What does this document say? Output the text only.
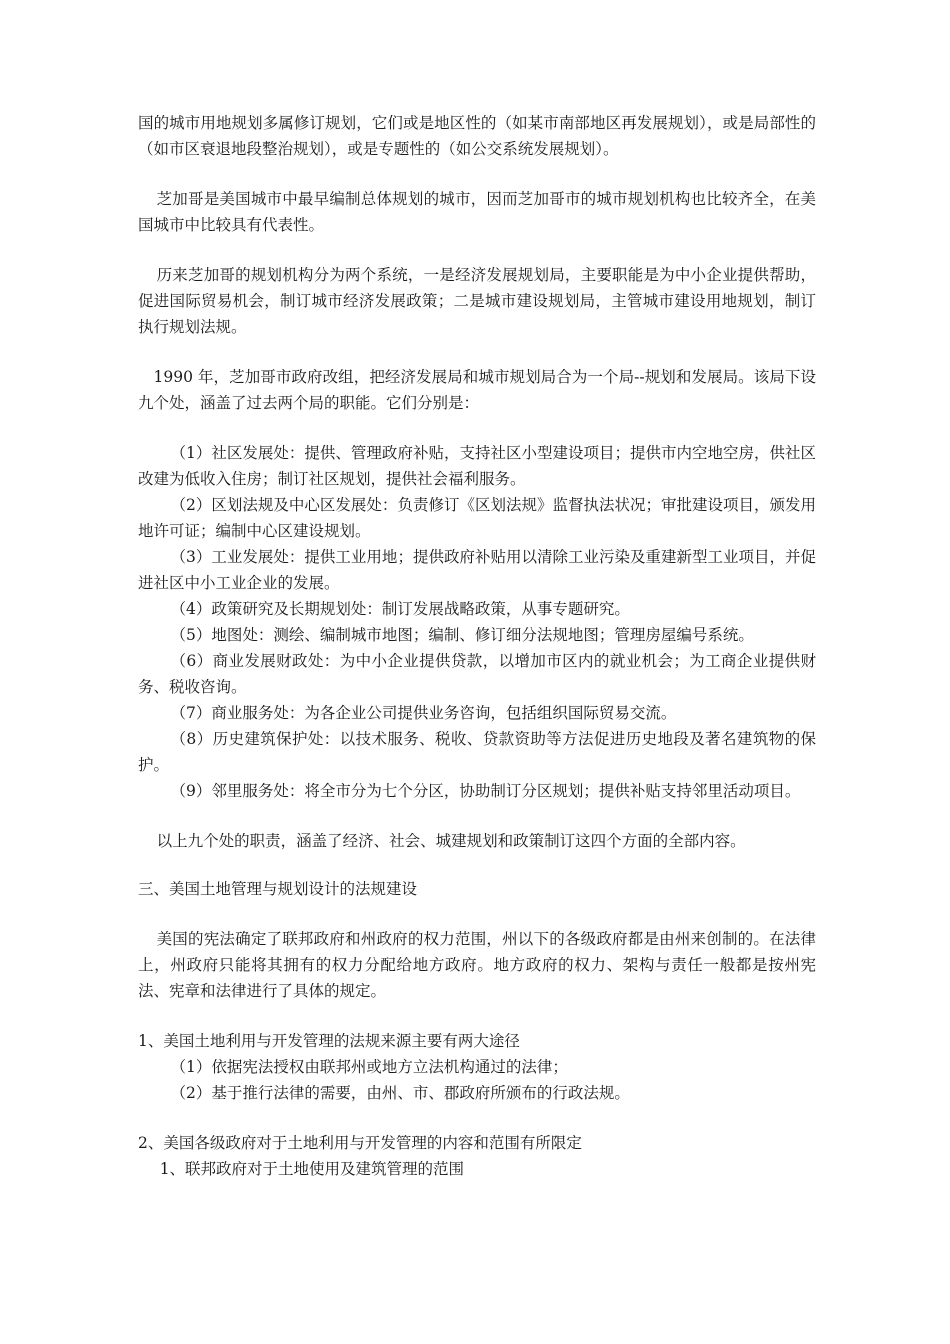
国的城市用地规划多属修订规划，它们或是地区性的（如某市南部地区再发展规划），或是局部性的（如市区衰退地段整治规划），或是专题性的（如公交系统发展规划）。

芝加哥是美国城市中最早编制总体规划的城市，因而芝加哥市的城市规划机构也比较齐全，在美国城市中比较具有代表性。

历来芝加哥的规划机构分为两个系统，一是经济发展规划局，主要职能是为中小企业提供帮助，促进国际贸易机会，制订城市经济发展政策；二是城市建设规划局，主管城市建设用地规划，制订执行规划法规。

1990 年，芝加哥市政府改组，把经济发展局和城市规划局合为一个局--规划和发展局。该局下设九个处，涵盖了过去两个局的职能。它们分别是：

（1）社区发展处：提供、管理政府补贴，支持社区小型建设项目；提供市内空地空房，供社区改建为低收入住房；制订社区规划，提供社会福利服务。

（2）区划法规及中心区发展处：负责修订《区划法规》监督执法状况；审批建设项目，颁发用地许可证；编制中心区建设规划。

（3）工业发展处：提供工业用地；提供政府补贴用以清除工业污染及重建新型工业项目，并促进社区中小工业企业的发展。

（4）政策研究及长期规划处：制订发展战略政策，从事专题研究。

（5）地图处：测绘、编制城市地图；编制、修订细分法规地图；管理房屋编号系统。

（6）商业发展财政处：为中小企业提供贷款，以增加市区内的就业机会；为工商企业提供财务、税收咨询。

（7）商业服务处：为各企业公司提供业务咨询，包括组织国际贸易交流。

（8）历史建筑保护处：以技术服务、税收、贷款资助等方法促进历史地段及著名建筑物的保护。

（9）邻里服务处：将全市分为七个分区，协助制订分区规划；提供补贴支持邻里活动项目。

以上九个处的职责，涵盖了经济、社会、城建规划和政策制订这四个方面的全部内容。

三、美国土地管理与规划设计的法规建设

美国的宪法确定了联邦政府和州政府的权力范围，州以下的各级政府都是由州来创制的。在法律上，州政府只能将其拥有的权力分配给地方政府。地方政府的权力、架构与责任一般都是按州宪法、宪章和法律进行了具体的规定。

1、美国土地利用与开发管理的法规来源主要有两大途径

（1）依据宪法授权由联邦州或地方立法机构通过的法律；

（2）基于推行法律的需要，由州、市、郡政府所颁布的行政法规。

2、美国各级政府对于土地利用与开发管理的内容和范围有所限定

1、联邦政府对于土地使用及建筑管理的范围
